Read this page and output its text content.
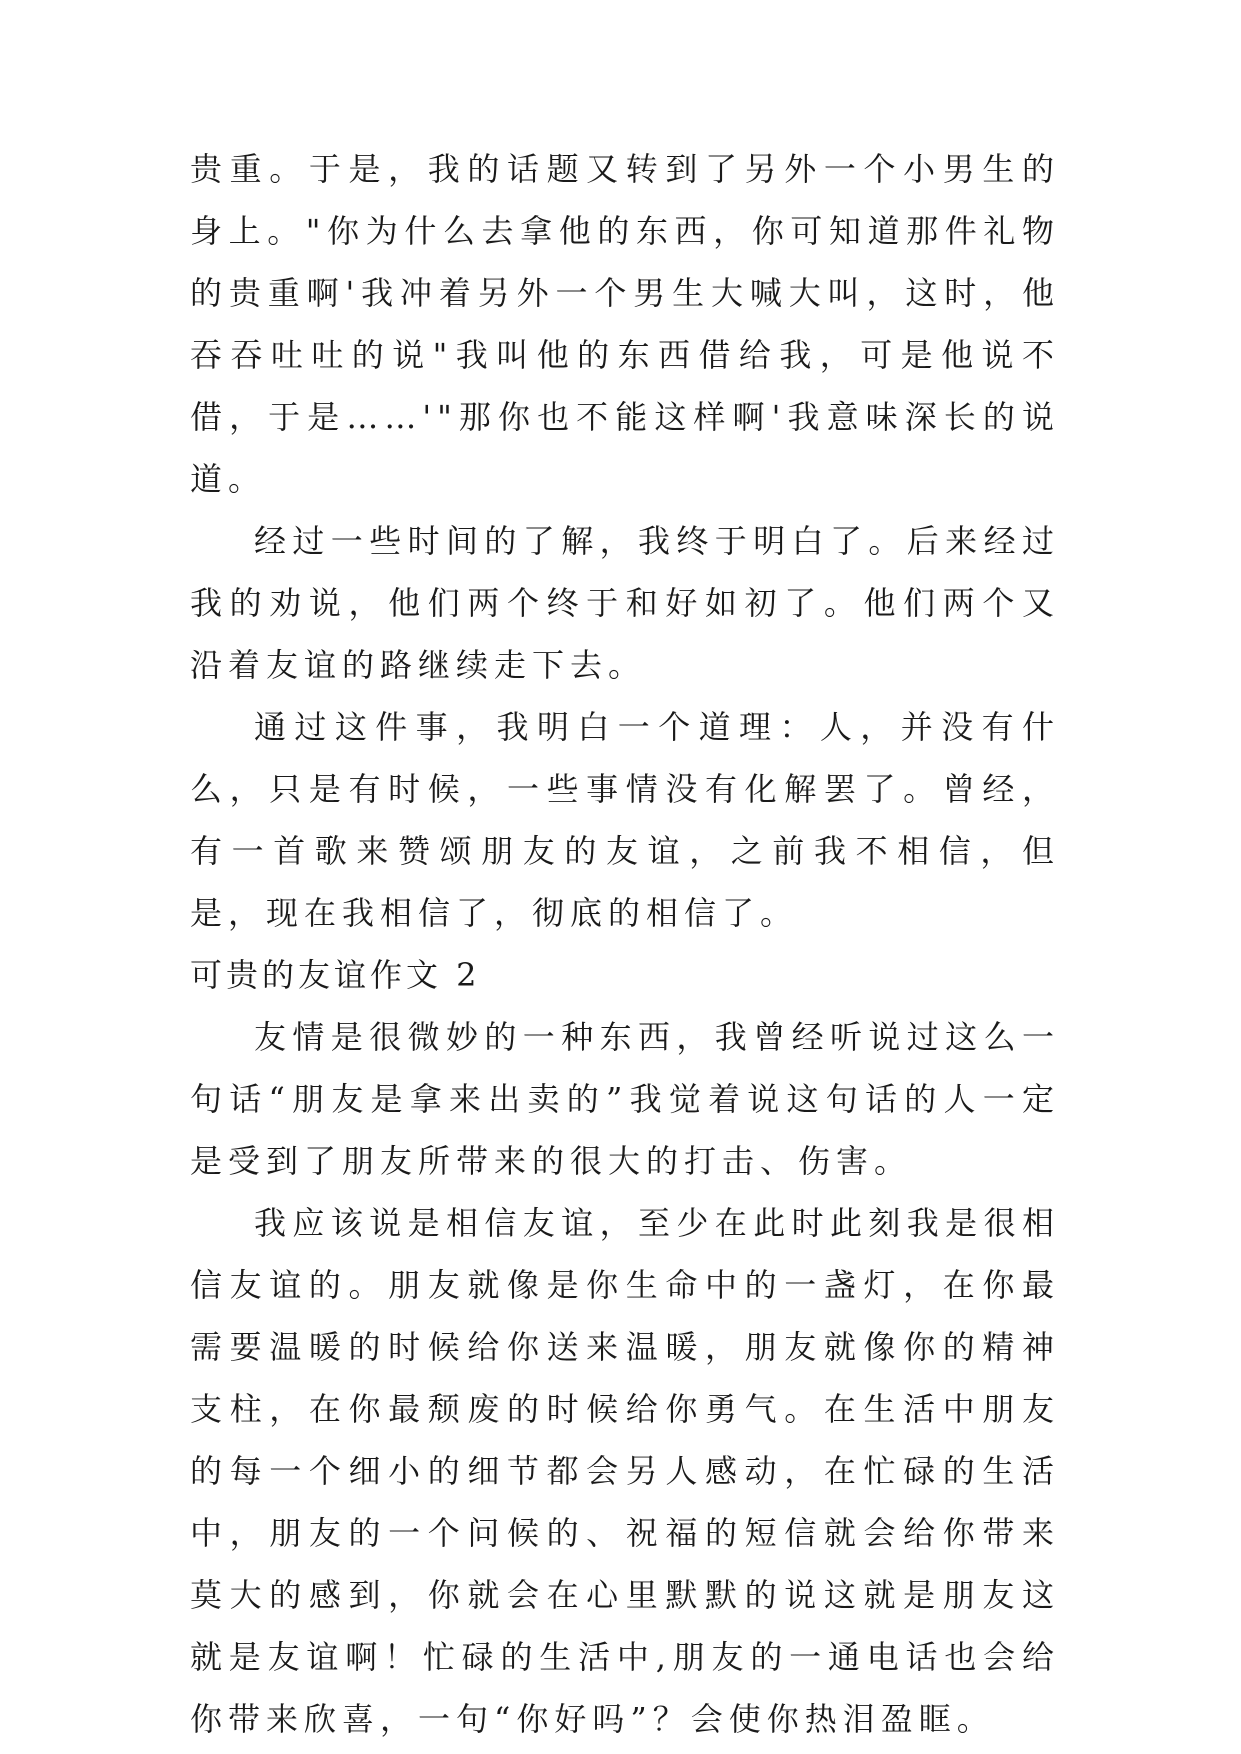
贵重。于是，我的话题又转到了另外一个小男生的身上。"你为什么去拿他的东西，你可知道那件礼物的贵重啊'我冲着另外一个男生大喊大叫，这时，他吞吞吐吐的说"我叫他的东西借给我，可是他说不借，于是……'"那你也不能这样啊'我意味深长的说道。

经过一些时间的了解，我终于明白了。后来经过我的劝说，他们两个终于和好如初了。他们两个又沿着友谊的路继续走下去。

通过这件事，我明白一个道理：人，并没有什么，只是有时候，一些事情没有化解罢了。曾经，有一首歌来赞颂朋友的友谊，之前我不相信，但是，现在我相信了，彻底的相信了。

可贵的友谊作文 2

友情是很微妙的一种东西，我曾经听说过这么一句话“朋友是拿来出卖的”我觉着说这句话的人一定是受到了朋友所带来的很大的打击、伤害。

我应该说是相信友谊，至少在此时此刻我是很相信友谊的。朋友就像是你生命中的一盏灯，在你最需要温暖的时候给你送来温暖，朋友就像你的精神支柱，在你最颓废的时候给你勇气。在生活中朋友的每一个细小的细节都会另人感动，在忙碌的生活中，朋友的一个问候的、祝福的短信就会给你带来莫大的感到，你就会在心里默默的说这就是朋友这就是友谊啊！忙碌的生活中,朋友的一通电话也会给你带来欣喜，一句“你好吗”？会使你热泪盈眶。
